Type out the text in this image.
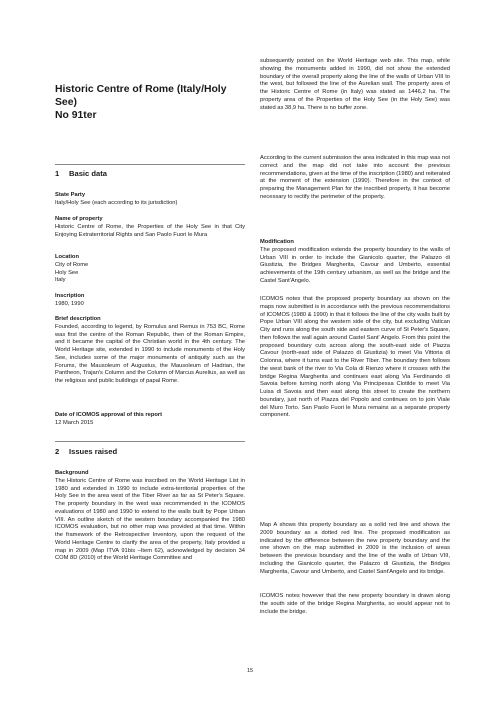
Historic Centre of Rome (Italy/Holy
See)
No 91ter
1 Basic data
State Party
Italy/Holy See (each according to its jurisdiction)
Name of property
Historic Centre of Rome, the Properties of the Holy See in that City Enjoying Extraterritorial Rights and San Paolo Fuori le Mura
Location
City of Rome
Holy See
Italy
Inscription
1980, 1990
Brief description
Founded, according to legend, by Romulus and Remus in 753 BC, Rome was first the centre of the Roman Republic, then of the Roman Empire, and it became the capital of the Christian world in the 4th century. The World Heritage site, extended in 1990 to include monuments of the Holy See, includes some of the major monuments of antiquity such as the Forums, the Mausoleum of Augustus, the Mausoleum of Hadrian, the Pantheon, Trajan's Column and the Column of Marcus Aurelius, as well as the religious and public buildings of papal Rome.
Date of ICOMOS approval of this report
12 March 2015
2 Issues raised
Background
The Historic Centre of Rome was inscribed on the World Heritage List in 1980 and extended in 1990 to include extra-territorial properties of the Holy See in the area west of the Tiber River as far as St Peter's Square. The property boundary in the west was recommended in the ICOMOS evaluations of 1980 and 1990 to extend to the walls built by Pope Urban VIII. An outline sketch of the western boundary accompanied the 1980 ICOMOS evaluation, but no other map was provided at that time. Within the framework of the Retrospective Inventory, upon the request of the World Heritage Centre to clarify the area of the property, Italy provided a map in 2009 (Map ITVA 91bis –Item 62), acknowledged by decision 34 COM 8D (2010) of the World Heritage Committee and

subsequently posted on the World Heritage web site. This map, while showing the monuments added in 1990, did not show the extended boundary of the overall property along the line of the walls of Urban VIII to the west, but followed the line of the Aurelian wall. The property area of the Historic Centre of Rome (in Italy) was stated as 1446,2 ha. The property area of the Properties of the Holy See (in the Holy See) was stated as 38,9 ha. There is no buffer zone.

According to the current submission the area indicated in this map was not correct and the map did not take into account the previous recommendations, given at the time of the inscription (1980) and reiterated at the moment of the extension (1990). Therefore in the context of preparing the Management Plan for the inscribed property, it has become necessary to rectify the perimeter of the property.

Modification
The proposed modification extends the property boundary to the walls of Urban VIII in order to include the Gianicolo quarter, the Palazzo di Giustizia, the Bridges Margherita, Cavour and Umberto, essential achievements of the 19th century urbanism, as well as the bridge and the Castel Sant'Angelo.

ICOMOS notes that the proposed property boundary as shown on the maps now submitted is in accordance with the previous recommendations of ICOMOS (1980 & 1990) in that it follows the line of the city walls built by Pope Urban VIII along the western side of the city, but excluding Vatican City and runs along the south side and eastern curve of St Peter's Square, then follows the wall again around Castel Sant' Angelo. From this point the proposed boundary cuts across along the south-east side of Piazza Cavour (north-east side of Palazzo di Giustizia) to meet Via Vittoria di Colonna, where it turns east to the River Tiber. The boundary then follows the west bank of the river to Via Cola di Rienzo where it crosses with the bridge Regina Margherita and continues east along Via Ferdinando di Savoia before turning north along Via Principessa Clotilde to meet Via Luisa di Savoia and then east along this street to create the northern boundary, just north of Piazza del Popolo and continues on to join Viale del Muro Torto. San Paolo Fuori le Mura remains as a separate property component.

Map A shows this property boundary as a solid red line and shows the 2009 boundary as a dotted red line. The proposed modification as indicated by the difference between the new property boundary and the one shown on the map submitted in 2009 is the inclusion of areas between the previous boundary and the line of the walls of Urban VIII, including the Gianicolo quarter, the Palazzo di Giustizia, the Bridges Margherita, Cavour and Umberto, and Castel Sant'Angelo and its bridge.

ICOMOS notes however that the new property boundary is drawn along the south side of the bridge Regina Margherita, so would appear not to include the bridge.

15
